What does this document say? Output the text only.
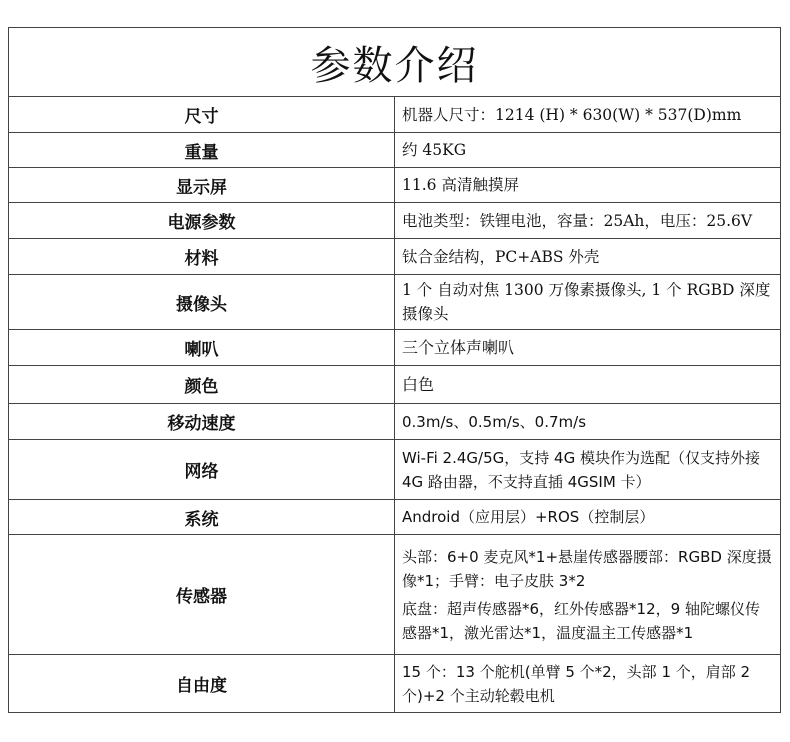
参数介绍	
尺寸	机器人尺寸：1214 (H) * 630(W) * 537(D)mm

重量	约 45KG

显示屏	11.6 高清触摸屏

电源参数	电池类型：铁锂电池，容量：25Ah，电压：25.6V

材料	钛合金结构，PC+ABS 外壳

摄像头	1 个 自动对焦 1300 万像素摄像头, 1 个 RGBD 深度摄像头

喇叭	三个立体声喇叭

颜色	白色

移动速度	0.3m/s、0.5m/s、0.7m/s

网络	Wi-Fi 2.4G/5G，支持 4G 模块作为选配（仅支持外接 4G 路由器，不支持直插 4GSIM 卡）

系统	Android（应用层）+ROS（控制层）

传感器	头部：6+0 麦克风*1+悬崖传感器腰部：RGBD 深度摄像*1；手臂：电子皮肤 3*2

底盘：超声传感器*6，红外传感器*12，9 轴陀螺仪传感器*1，激光雷达*1，温度温主工传感器*1

自由度	15 个：13 个舵机(单臂 5 个*2，头部 1 个，肩部 2 个)+2 个主动轮毂电机
